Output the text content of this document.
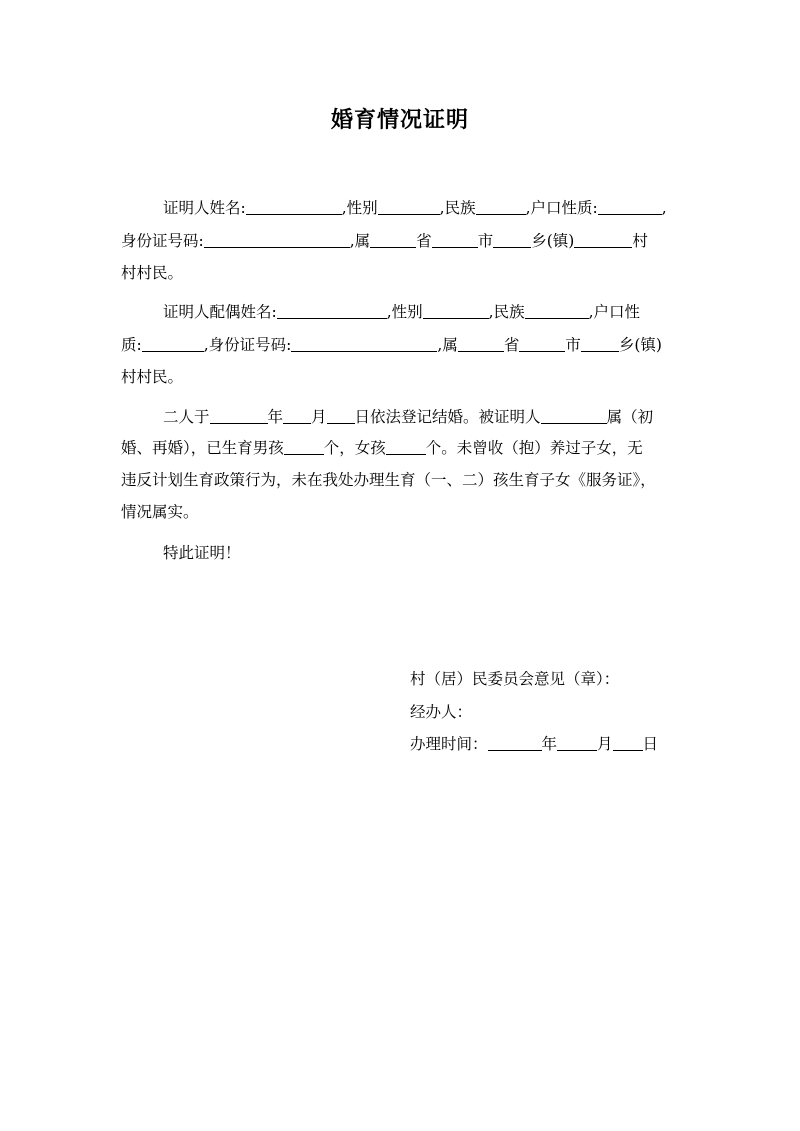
婚育情况证明
证明人姓名:	,性别	,民族	,户口性质:	,
身份证号码:	,属	省	市 乡(镇)	村
村村民。
证明人配偶姓名:	,性别	,民族	,户口性
质:	,身份证号码:	,属	省	市 乡(镇)
村村民。
二人于	年 月 日依法登记结婚。被证明人	属（初
婚、再婚），已生育男孩	个，女孩	个。未曾收（抱）养过子女，无
违反计划生育政策行为，未在我处办理生育（一、二）孩生育子女《服务证》，
情况属实。
特此证明！
村（居）民委员会意见（章）：
经办人：
办理时间：	年	月 日
